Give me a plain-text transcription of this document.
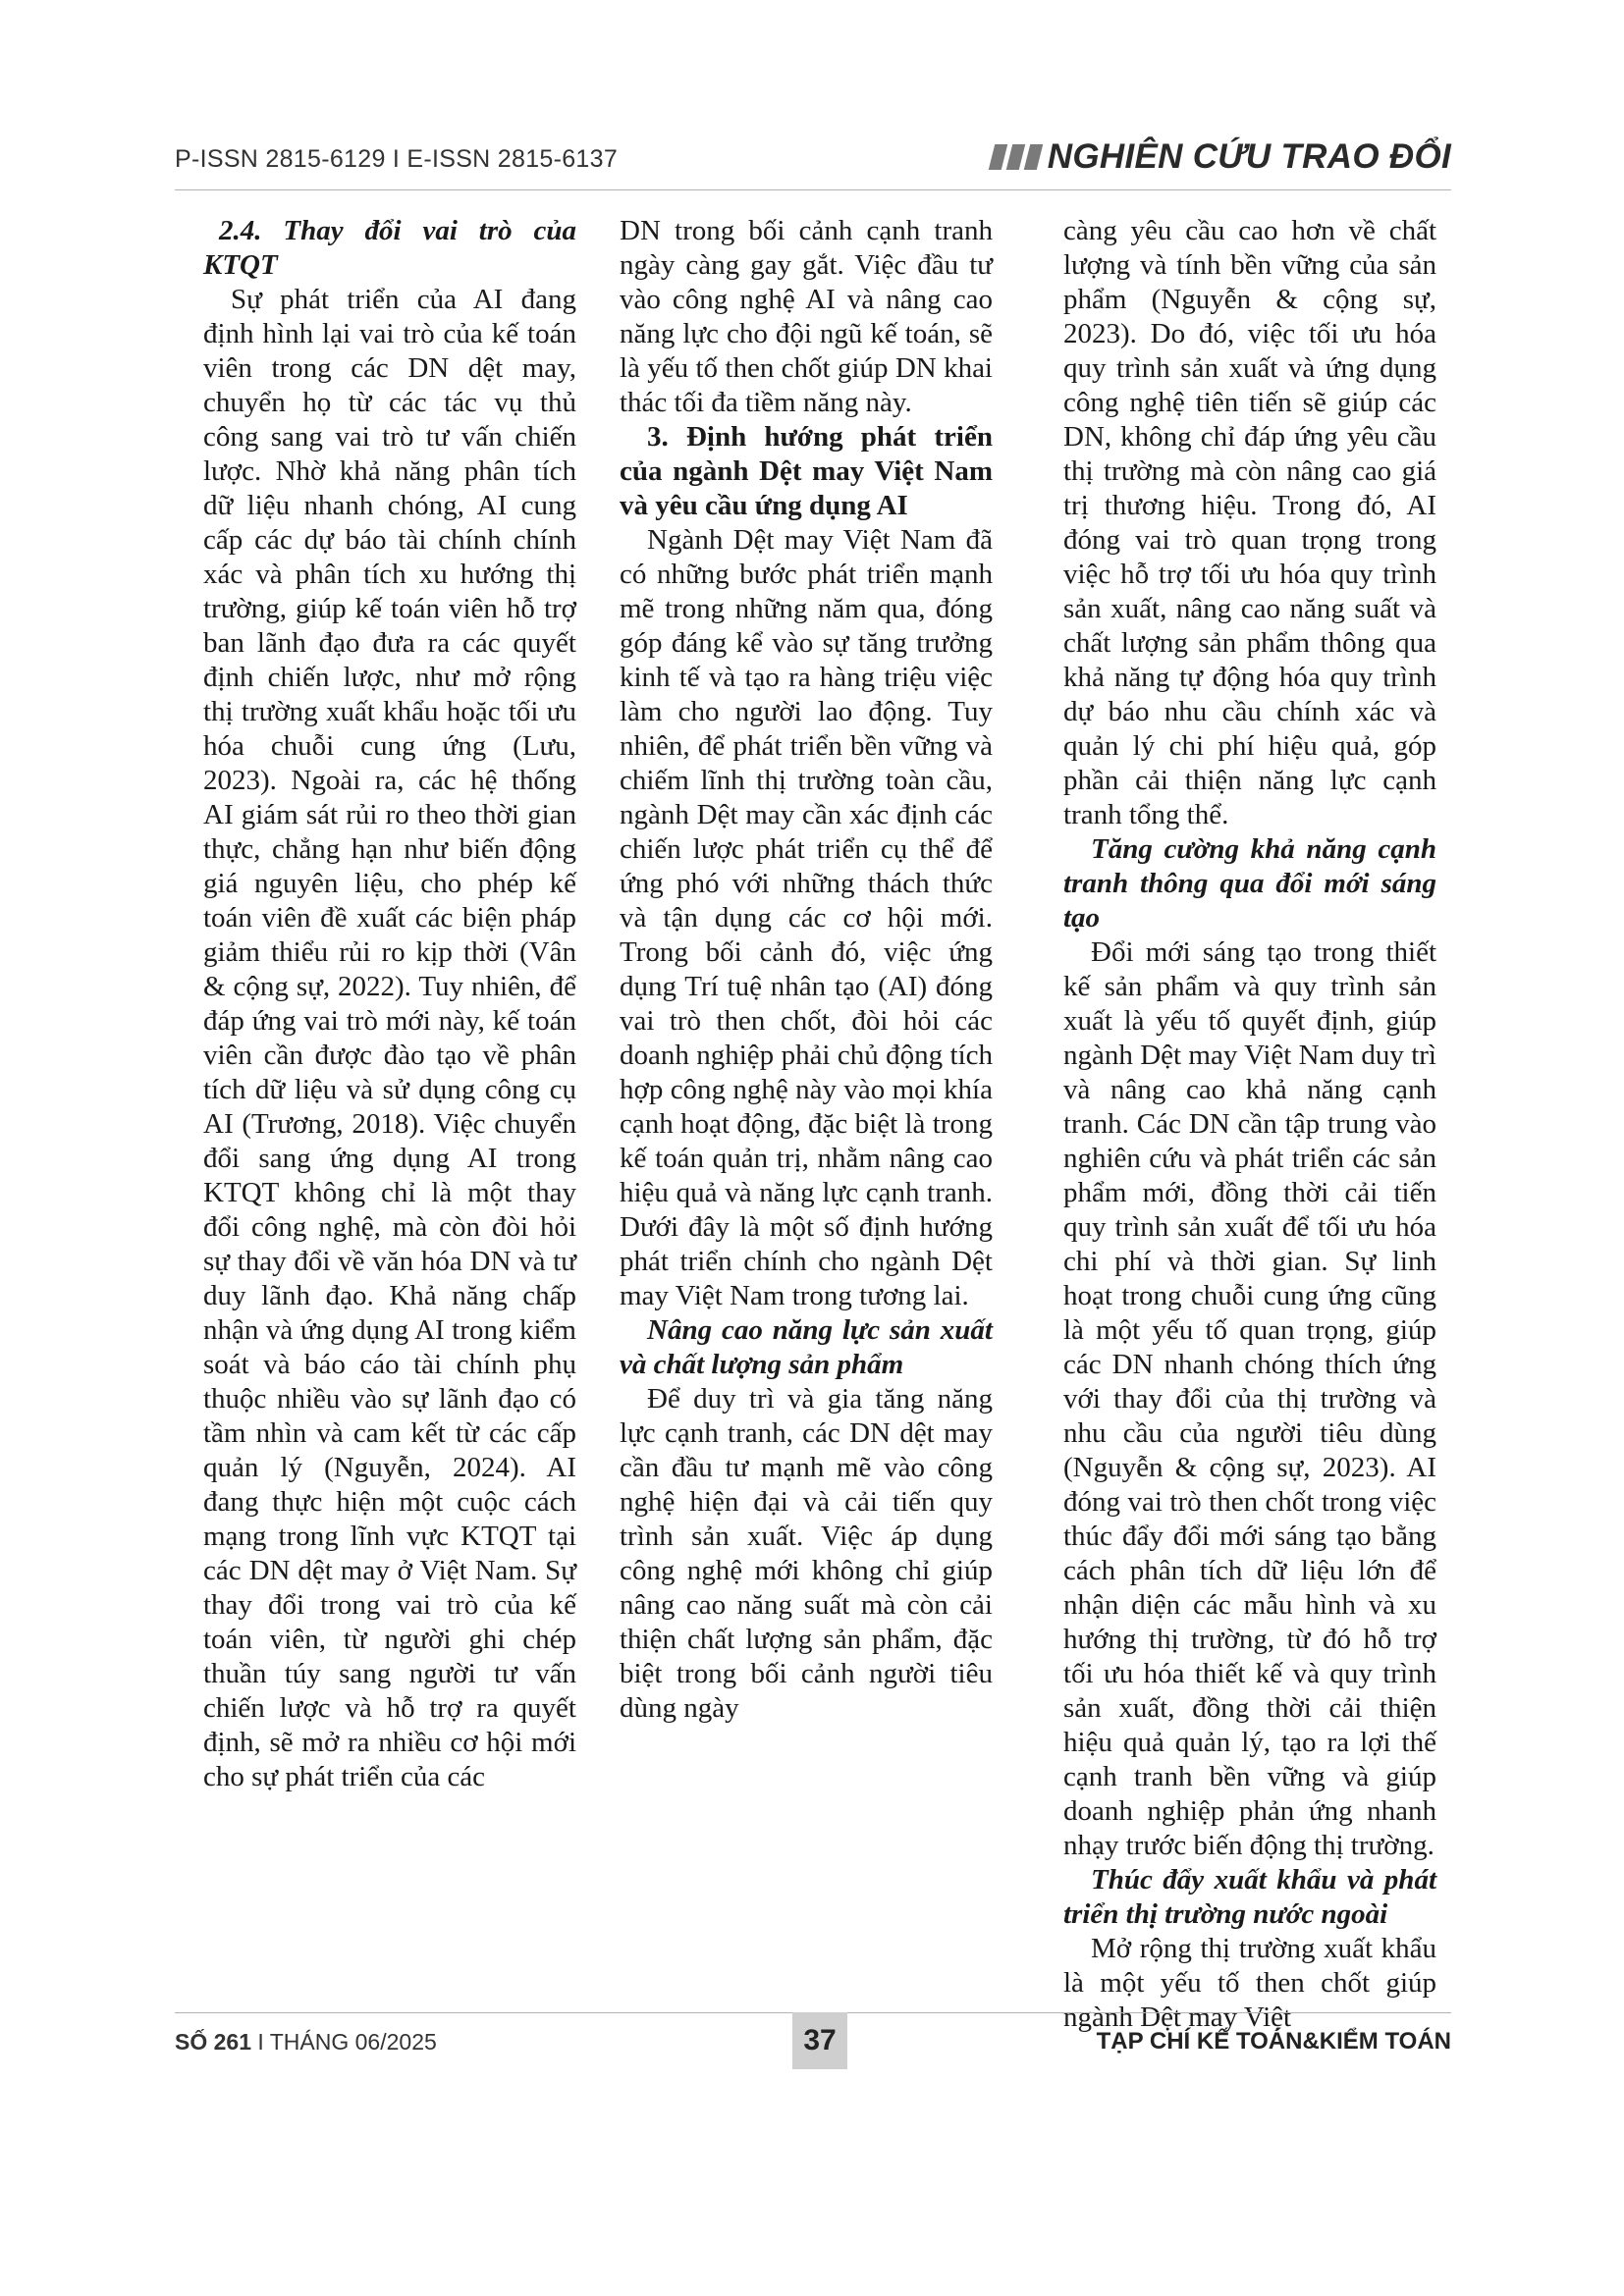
P-ISSN 2815-6129 I E-ISSN 2815-6137	NGHIÊN CỨU TRAO ĐỔI

2.4. Thay đổi vai trò của KTQT

Sự phát triển của AI đang định hình lại vai trò của kế toán viên trong các DN dệt may, chuyển họ từ các tác vụ thủ công sang vai trò tư vấn chiến lược. Nhờ khả năng phân tích dữ liệu nhanh chóng, AI cung cấp các dự báo tài chính chính xác và phân tích xu hướng thị trường, giúp kế toán viên hỗ trợ ban lãnh đạo đưa ra các quyết định chiến lược, như mở rộng thị trường xuất khẩu hoặc tối ưu hóa chuỗi cung ứng (Lưu, 2023). Ngoài ra, các hệ thống AI giám sát rủi ro theo thời gian thực, chẳng hạn như biến động giá nguyên liệu, cho phép kế toán viên đề xuất các biện pháp giảm thiểu rủi ro kịp thời (Vân & cộng sự, 2022). Tuy nhiên, để đáp ứng vai trò mới này, kế toán viên cần được đào tạo về phân tích dữ liệu và sử dụng công cụ AI (Trương, 2018). Việc chuyển đổi sang ứng dụng AI trong KTQT không chỉ là một thay đổi công nghệ, mà còn đòi hỏi sự thay đổi về văn hóa DN và tư duy lãnh đạo. Khả năng chấp nhận và ứng dụng AI trong kiểm soát và báo cáo tài chính phụ thuộc nhiều vào sự lãnh đạo có tầm nhìn và cam kết từ các cấp quản lý (Nguyễn, 2024). AI đang thực hiện một cuộc cách mạng trong lĩnh vực KTQT tại các DN dệt may ở Việt Nam. Sự thay đổi trong vai trò của kế toán viên, từ người ghi chép thuần túy sang người tư vấn chiến lược và hỗ trợ ra quyết định, sẽ mở ra nhiều cơ hội mới cho sự phát triển của các

DN trong bối cảnh cạnh tranh ngày càng gay gắt. Việc đầu tư vào công nghệ AI và nâng cao năng lực cho đội ngũ kế toán, sẽ là yếu tố then chốt giúp DN khai thác tối đa tiềm năng này.

3. Định hướng phát triển của ngành Dệt may Việt Nam và yêu cầu ứng dụng AI

Ngành Dệt may Việt Nam đã có những bước phát triển mạnh mẽ trong những năm qua, đóng góp đáng kể vào sự tăng trưởng kinh tế và tạo ra hàng triệu việc làm cho người lao động. Tuy nhiên, để phát triển bền vững và chiếm lĩnh thị trường toàn cầu, ngành Dệt may cần xác định các chiến lược phát triển cụ thể để ứng phó với những thách thức và tận dụng các cơ hội mới. Trong bối cảnh đó, việc ứng dụng Trí tuệ nhân tạo (AI) đóng vai trò then chốt, đòi hỏi các doanh nghiệp phải chủ động tích hợp công nghệ này vào mọi khía cạnh hoạt động, đặc biệt là trong kế toán quản trị, nhằm nâng cao hiệu quả và năng lực cạnh tranh. Dưới đây là một số định hướng phát triển chính cho ngành Dệt may Việt Nam trong tương lai.

Nâng cao năng lực sản xuất và chất lượng sản phẩm

Để duy trì và gia tăng năng lực cạnh tranh, các DN dệt may cần đầu tư mạnh mẽ vào công nghệ hiện đại và cải tiến quy trình sản xuất. Việc áp dụng công nghệ mới không chỉ giúp nâng cao năng suất mà còn cải thiện chất lượng sản phẩm, đặc biệt trong bối cảnh người tiêu dùng ngày

càng yêu cầu cao hơn về chất lượng và tính bền vững của sản phẩm (Nguyễn & cộng sự, 2023). Do đó, việc tối ưu hóa quy trình sản xuất và ứng dụng công nghệ tiên tiến sẽ giúp các DN, không chỉ đáp ứng yêu cầu thị trường mà còn nâng cao giá trị thương hiệu. Trong đó, AI đóng vai trò quan trọng trong việc hỗ trợ tối ưu hóa quy trình sản xuất, nâng cao năng suất và chất lượng sản phẩm thông qua khả năng tự động hóa quy trình dự báo nhu cầu chính xác và quản lý chi phí hiệu quả, góp phần cải thiện năng lực cạnh tranh tổng thể.

Tăng cường khả năng cạnh tranh thông qua đổi mới sáng tạo

Đổi mới sáng tạo trong thiết kế sản phẩm và quy trình sản xuất là yếu tố quyết định, giúp ngành Dệt may Việt Nam duy trì và nâng cao khả năng cạnh tranh. Các DN cần tập trung vào nghiên cứu và phát triển các sản phẩm mới, đồng thời cải tiến quy trình sản xuất để tối ưu hóa chi phí và thời gian. Sự linh hoạt trong chuỗi cung ứng cũng là một yếu tố quan trọng, giúp các DN nhanh chóng thích ứng với thay đổi của thị trường và nhu cầu của người tiêu dùng (Nguyễn & cộng sự, 2023). AI đóng vai trò then chốt trong việc thúc đẩy đổi mới sáng tạo bằng cách phân tích dữ liệu lớn để nhận diện các mẫu hình và xu hướng thị trường, từ đó hỗ trợ tối ưu hóa thiết kế và quy trình sản xuất, đồng thời cải thiện hiệu quả quản lý, tạo ra lợi thế cạnh tranh bền vững và giúp doanh nghiệp phản ứng nhanh nhạy trước biến động thị trường.

Thúc đẩy xuất khẩu và phát triển thị trường nước ngoài

Mở rộng thị trường xuất khẩu là một yếu tố then chốt giúp ngành Dệt may Việt

SỐ 261 I THÁNG 06/2025	37	TẠP CHÍ KẾ TOÁN&KIỂM TOÁN
